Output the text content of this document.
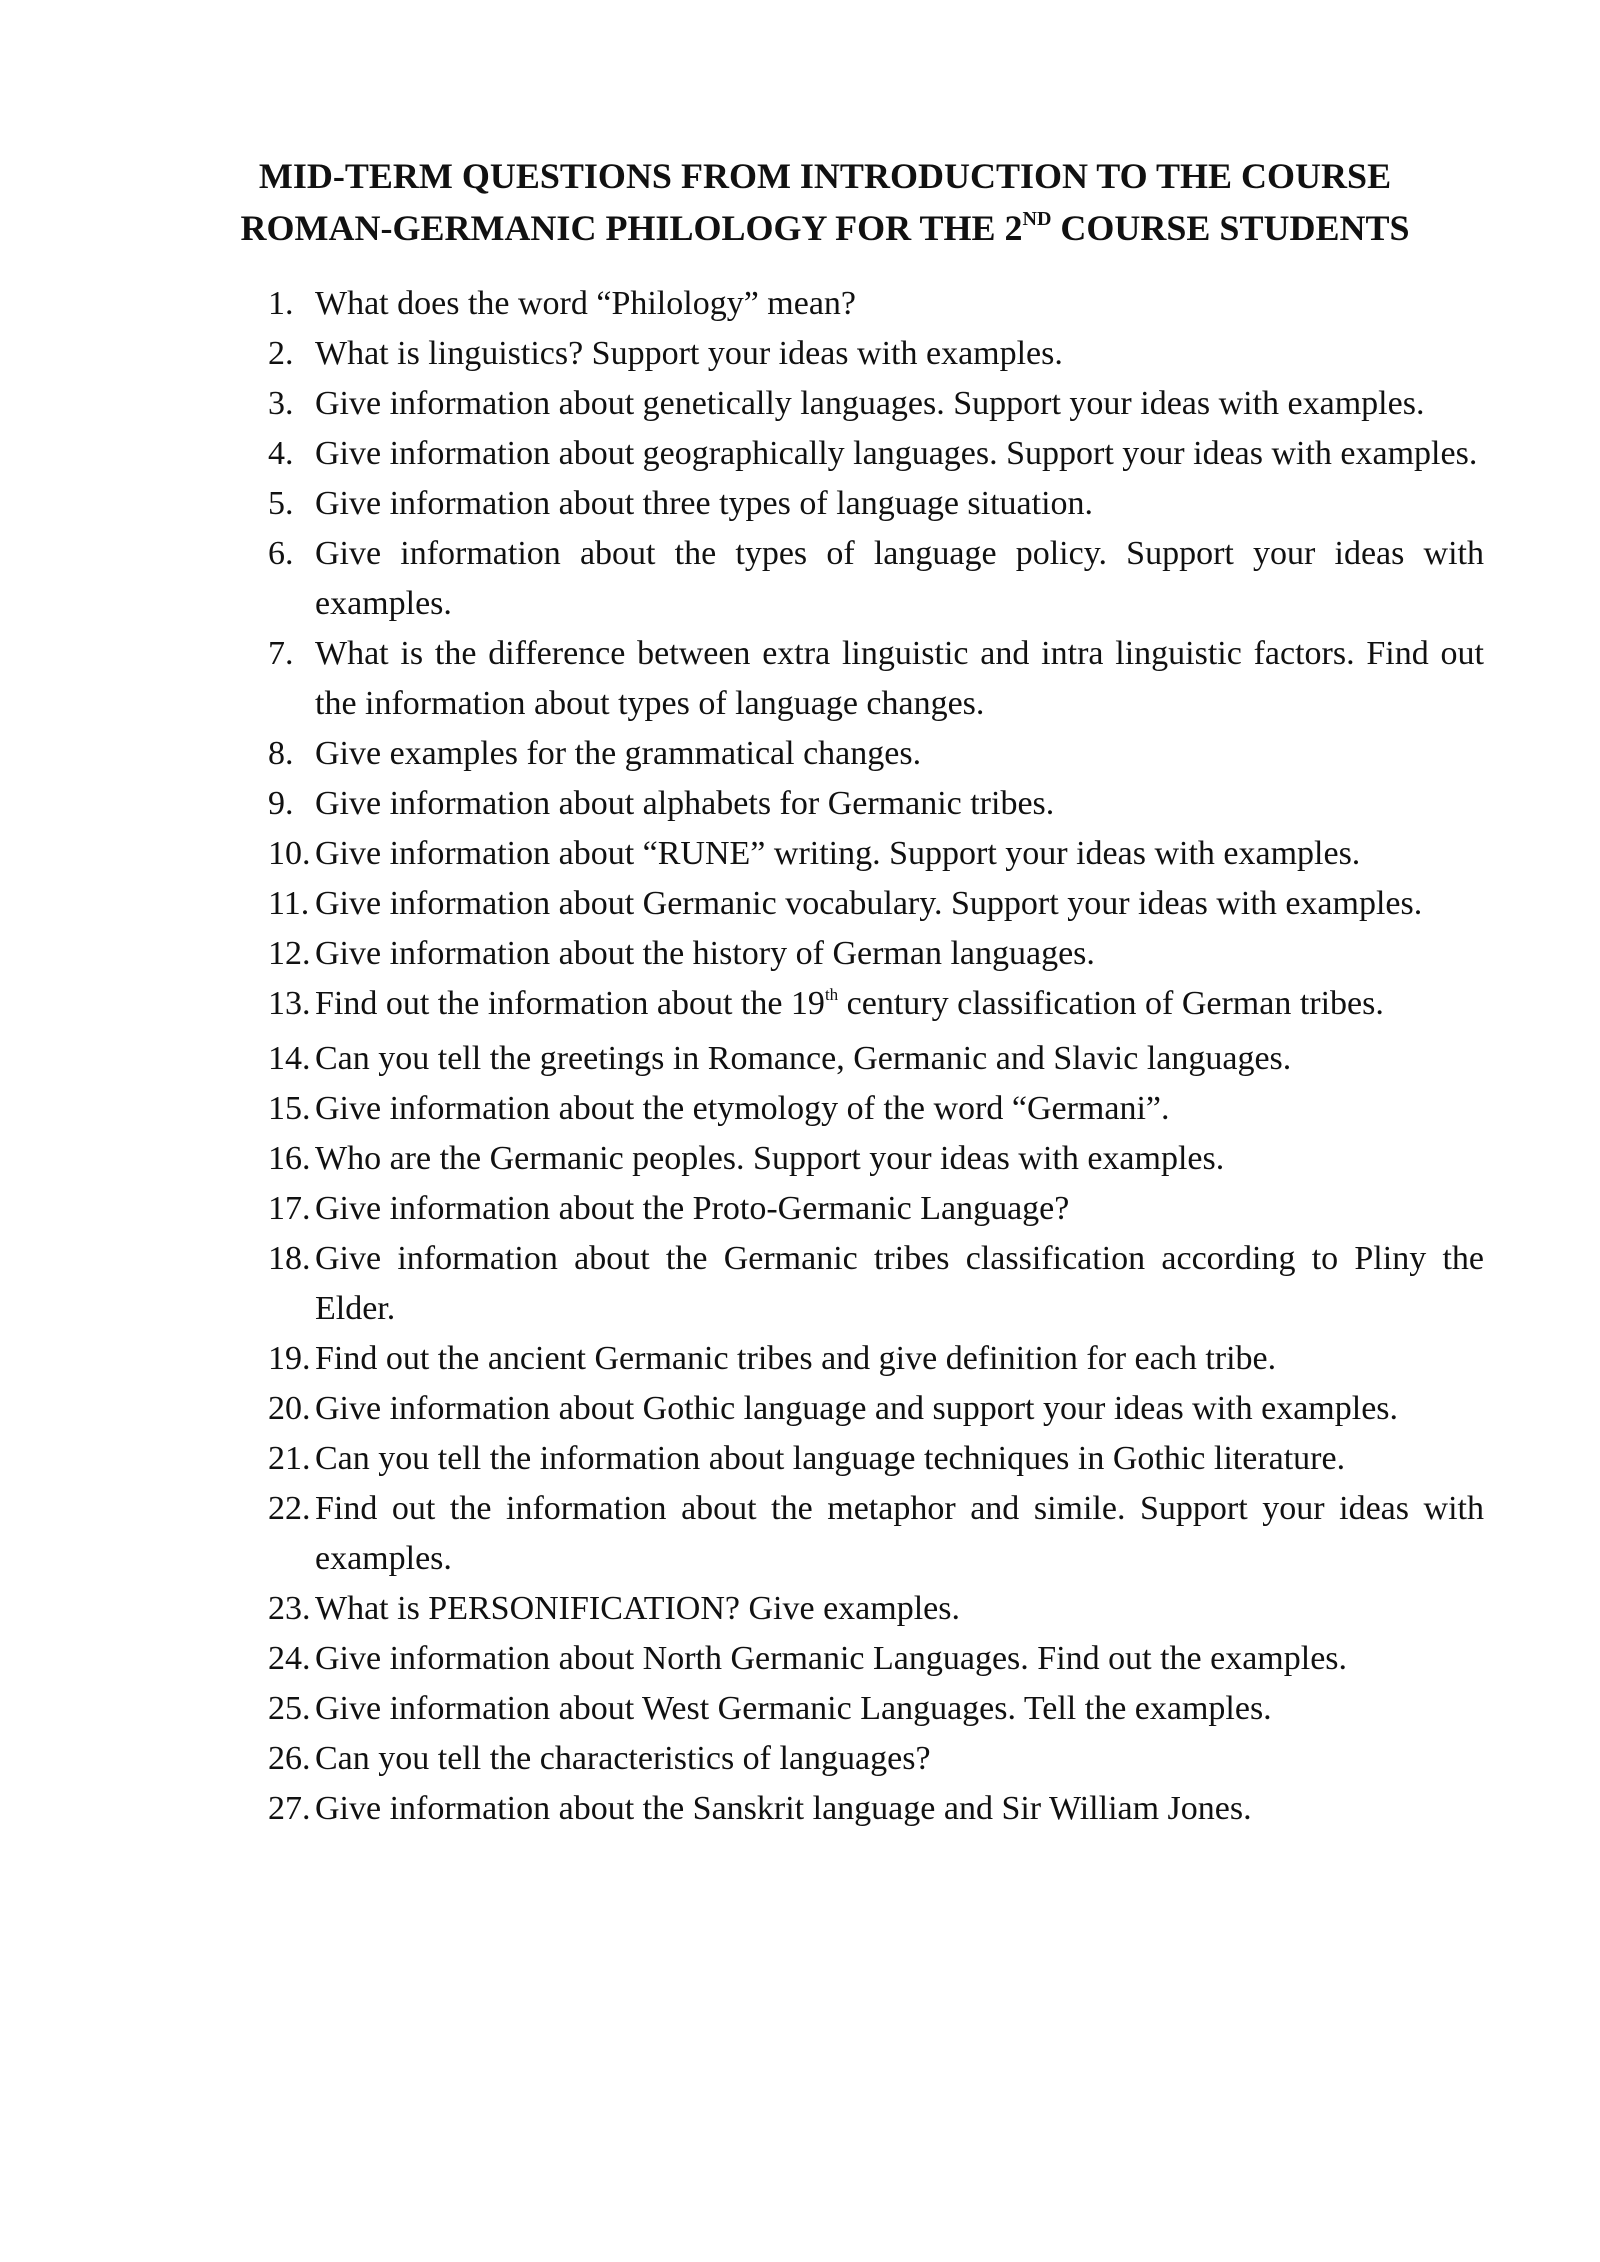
MID-TERM QUESTIONS FROM INTRODUCTION TO THE COURSE
ROMAN-GERMANIC PHILOLOGY FOR THE 2ND COURSE STUDENTS
1. What does the word “Philology” mean?
2. What is linguistics? Support your ideas with examples.
3. Give information about genetically languages. Support your ideas with examples.
4. Give information about geographically languages. Support your ideas with examples.
5. Give information about three types of language situation.
6. Give information about the types of language policy. Support your ideas with examples.
7. What is the difference between extra linguistic and intra linguistic factors. Find out the information about types of language changes.
8. Give examples for the grammatical changes.
9. Give information about alphabets for Germanic tribes.
10. Give information about “RUNE” writing. Support your ideas with examples.
11. Give information about Germanic vocabulary. Support your ideas with examples.
12. Give information about the history of German languages.
13. Find out the information about the 19th century classification of German tribes.
14. Can you tell the greetings in Romance, Germanic and Slavic languages.
15. Give information about the etymology of the word “Germani”.
16. Who are the Germanic peoples. Support your ideas with examples.
17. Give information about the Proto-Germanic Language?
18. Give information about the Germanic tribes classification according to Pliny the Elder.
19. Find out the ancient Germanic tribes and give definition for each tribe.
20. Give information about Gothic language and support your ideas with examples.
21. Can you tell the information about language techniques in Gothic literature.
22. Find out the information about the metaphor and simile. Support your ideas with examples.
23. What is PERSONIFICATION? Give examples.
24. Give information about North Germanic Languages. Find out the examples.
25. Give information about West Germanic Languages. Tell the examples.
26. Can you tell the characteristics of languages?
27. Give information about the Sanskrit language and Sir William Jones.
